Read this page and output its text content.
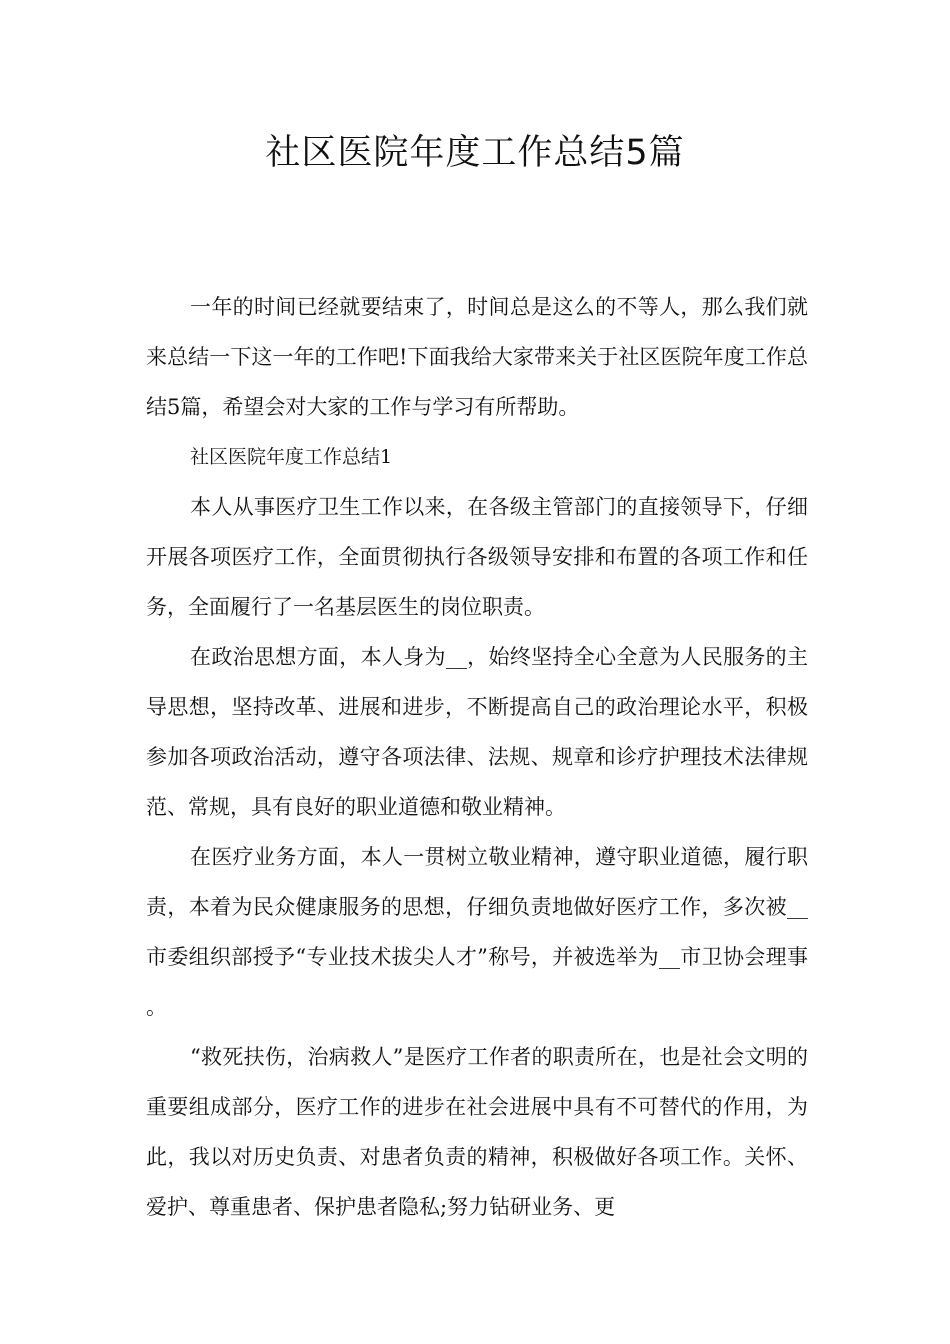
社区医院年度工作总结5篇

一年的时间已经就要结束了，时间总是这么的不等人，那么我们就来总结一下这一年的工作吧!下面我给大家带来关于社区医院年度工作总结5篇，希望会对大家的工作与学习有所帮助。

社区医院年度工作总结1

本人从事医疗卫生工作以来，在各级主管部门的直接领导下，仔细开展各项医疗工作，全面贯彻执行各级领导安排和布置的各项工作和任务，全面履行了一名基层医生的岗位职责。

在政治思想方面，本人身为__，始终坚持全心全意为人民服务的主导思想，坚持改革、进展和进步，不断提高自己的政治理论水平，积极参加各项政治活动，遵守各项法律、法规、规章和诊疗护理技术法律规范、常规，具有良好的职业道德和敬业精神。

在医疗业务方面，本人一贯树立敬业精神，遵守职业道德，履行职责，本着为民众健康服务的思想，仔细负责地做好医疗工作，多次被__市委组织部授予“专业技术拔尖人才”称号，并被选举为__市卫协会理事。

“救死扶伤，治病救人”是医疗工作者的职责所在，也是社会文明的重要组成部分，医疗工作的进步在社会进展中具有不可替代的作用，为此，我以对历史负责、对患者负责的精神，积极做好各项工作。关怀、爱护、尊重患者、保护患者隐私;努力钻研业务、更
